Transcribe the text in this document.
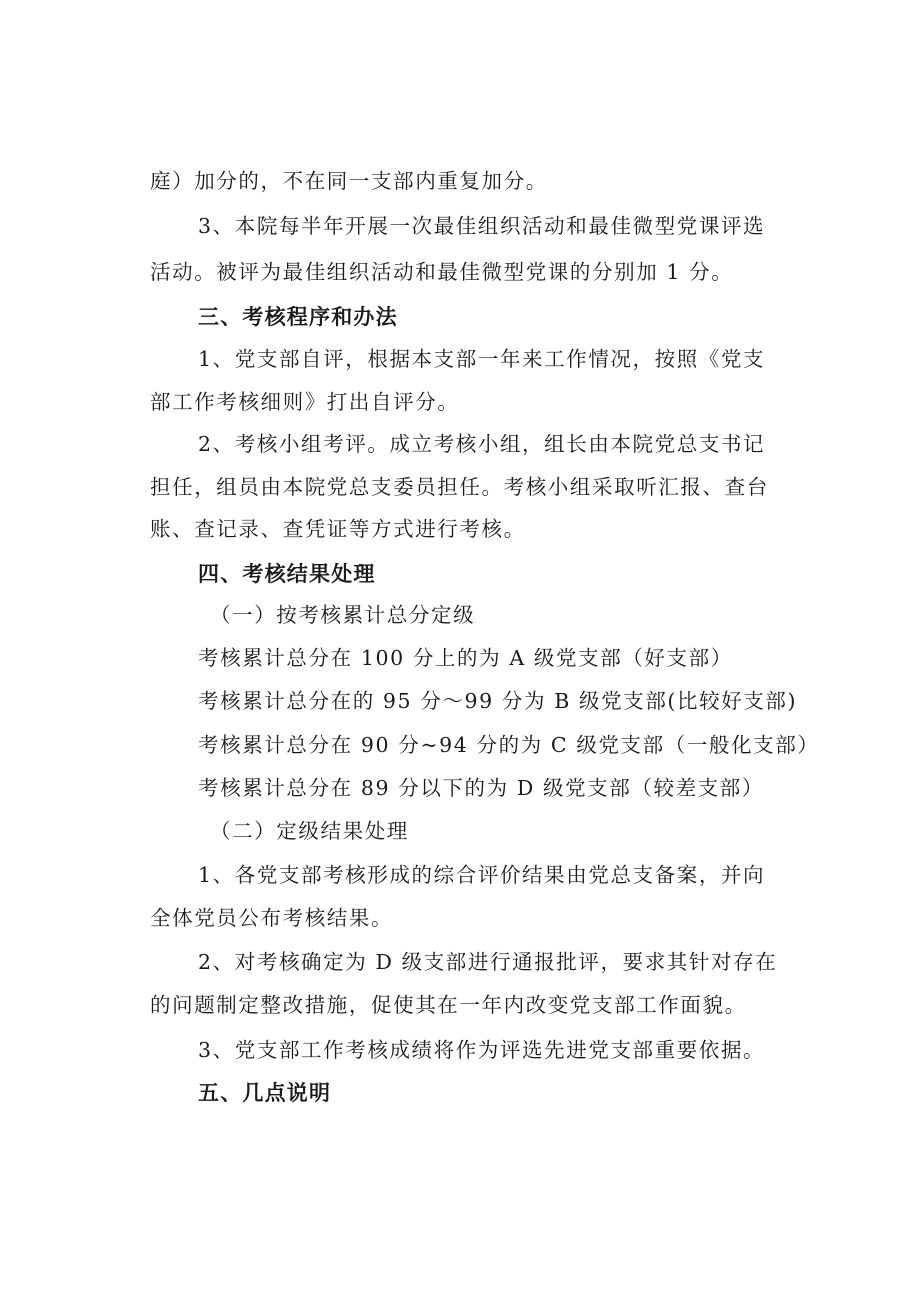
庭）加分的，不在同一支部内重复加分。
3、本院每半年开展一次最佳组织活动和最佳微型党课评选
活动。被评为最佳组织活动和最佳微型党课的分别加 1 分。
三、考核程序和办法
1、党支部自评，根据本支部一年来工作情况，按照《党支
部工作考核细则》打出自评分。
2、考核小组考评。成立考核小组，组长由本院党总支书记
担任，组员由本院党总支委员担任。考核小组采取听汇报、查台
账、查记录、查凭证等方式进行考核。
四、考核结果处理
（一）按考核累计总分定级
考核累计总分在 100 分上的为 A 级党支部（好支部）
考核累计总分在的 95 分～99 分为 B 级党支部(比较好支部)
考核累计总分在 90 分~94 分的为 C 级党支部（一般化支部）
考核累计总分在 89 分以下的为 D 级党支部（较差支部）
（二）定级结果处理
1、各党支部考核形成的综合评价结果由党总支备案，并向
全体党员公布考核结果。
2、对考核确定为 D 级支部进行通报批评，要求其针对存在
的问题制定整改措施，促使其在一年内改变党支部工作面貌。
3、党支部工作考核成绩将作为评选先进党支部重要依据。
五、几点说明
